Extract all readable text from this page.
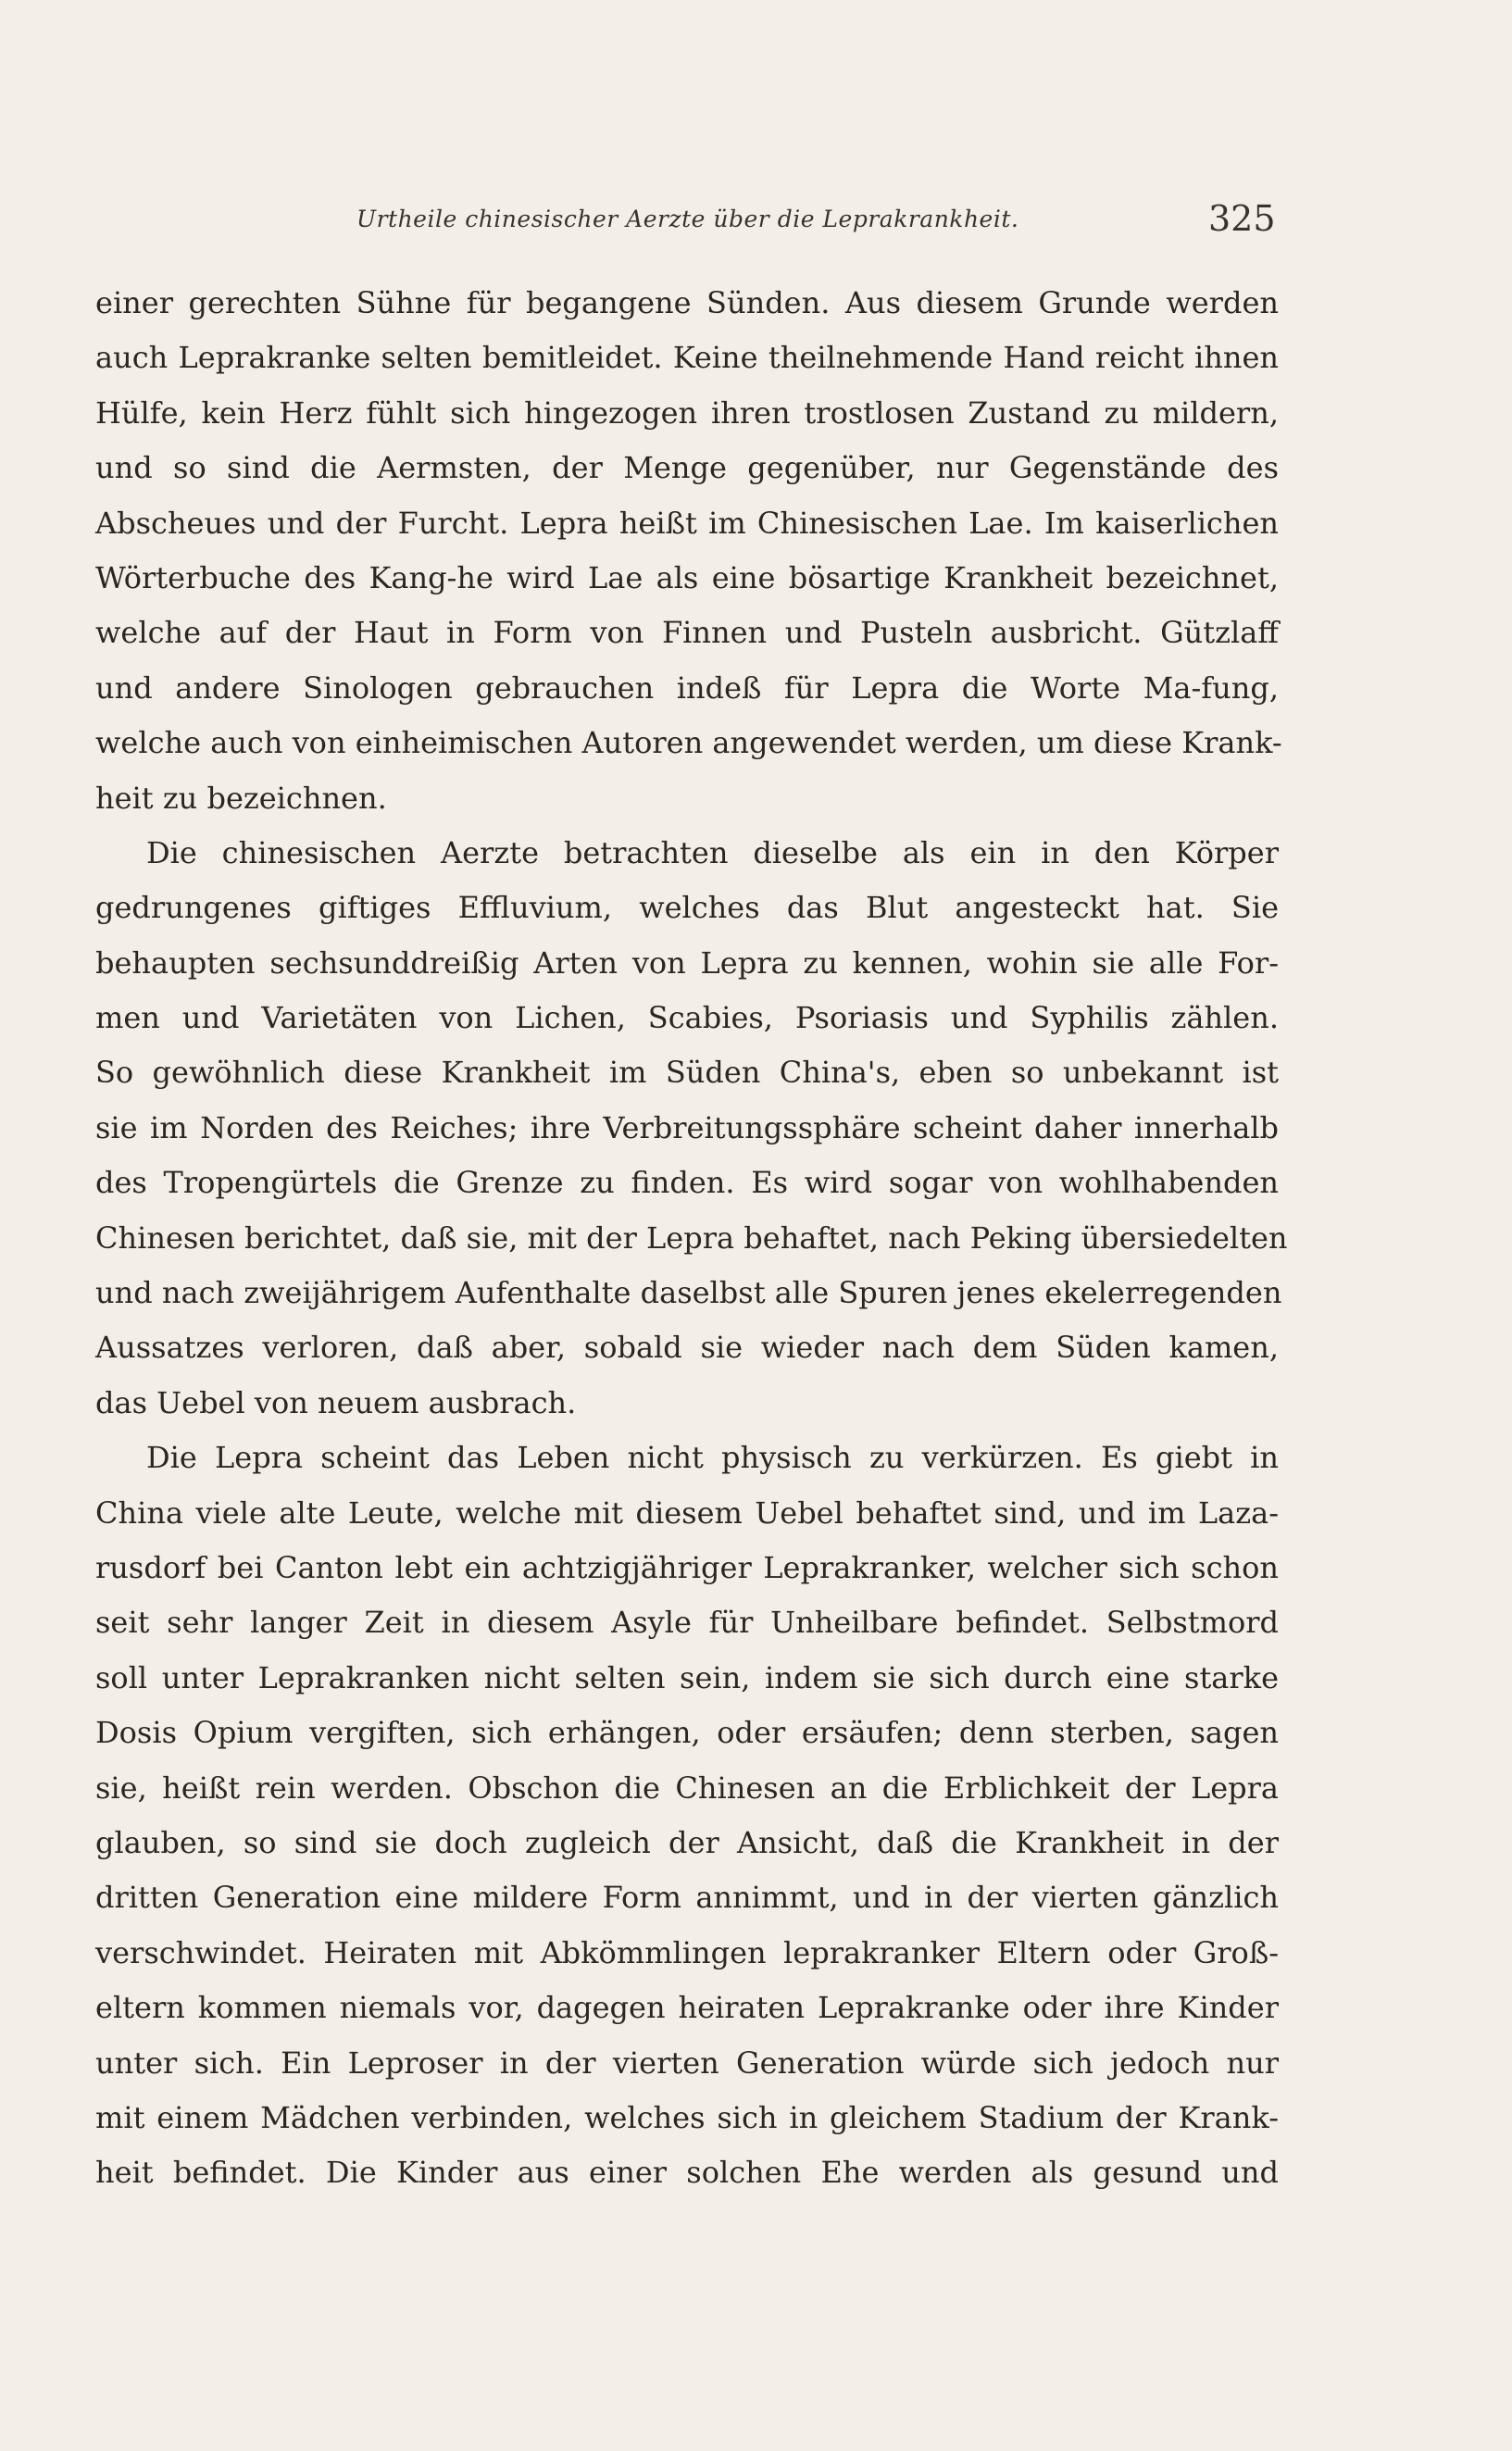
Urtheile chinesischer Aerzte über die Leprakrankheit.	325
einer gerechten Sühne für begangene Sünden. Aus diesem Grunde werden
auch Leprakranke selten bemitleidet. Keine theilnehmende Hand reicht ihnen
Hülfe, kein Herz fühlt sich hingezogen ihren trostlosen Zustand zu mildern,
und so sind die Aermsten, der Menge gegenüber, nur Gegenstände des
Abscheues und der Furcht. Lepra heißt im Chinesischen Lae. Im kaiserlichen
Wörterbuche des Kang-he wird Lae als eine bösartige Krankheit bezeichnet,
welche auf der Haut in Form von Finnen und Pusteln ausbricht. Gützlaff
und andere Sinologen gebrauchen indeß für Lepra die Worte Ma-fung,
welche auch von einheimischen Autoren angewendet werden, um diese Krank-
heit zu bezeichnen.
Die chinesischen Aerzte betrachten dieselbe als ein in den Körper
gedrungenes giftiges Effluvium, welches das Blut angesteckt hat. Sie
behaupten sechsunddreißig Arten von Lepra zu kennen, wohin sie alle For-
men und Varietäten von Lichen, Scabies, Psoriasis und Syphilis zählen.
So gewöhnlich diese Krankheit im Süden China's, eben so unbekannt ist
sie im Norden des Reiches; ihre Verbreitungssphäre scheint daher innerhalb
des Tropengürtels die Grenze zu finden. Es wird sogar von wohlhabenden
Chinesen berichtet, daß sie, mit der Lepra behaftet, nach Peking übersiedelten
und nach zweijährigem Aufenthalte daselbst alle Spuren jenes ekelerregenden
Aussatzes verloren, daß aber, sobald sie wieder nach dem Süden kamen,
das Uebel von neuem ausbrach.
Die Lepra scheint das Leben nicht physisch zu verkürzen. Es giebt in
China viele alte Leute, welche mit diesem Uebel behaftet sind, und im Laza-
rusdorf bei Canton lebt ein achtzigjähriger Leprakranker, welcher sich schon
seit sehr langer Zeit in diesem Asyle für Unheilbare befindet. Selbstmord
soll unter Leprakranken nicht selten sein, indem sie sich durch eine starke
Dosis Opium vergiften, sich erhängen, oder ersäufen; denn sterben, sagen
sie, heißt rein werden. Obschon die Chinesen an die Erblichkeit der Lepra
glauben, so sind sie doch zugleich der Ansicht, daß die Krankheit in der
dritten Generation eine mildere Form annimmt, und in der vierten gänzlich
verschwindet. Heiraten mit Abkömmlingen leprakranker Eltern oder Groß-
eltern kommen niemals vor, dagegen heiraten Leprakranke oder ihre Kinder
unter sich. Ein Leproser in der vierten Generation würde sich jedoch nur
mit einem Mädchen verbinden, welches sich in gleichem Stadium der Krank-
heit befindet. Die Kinder aus einer solchen Ehe werden als gesund und
